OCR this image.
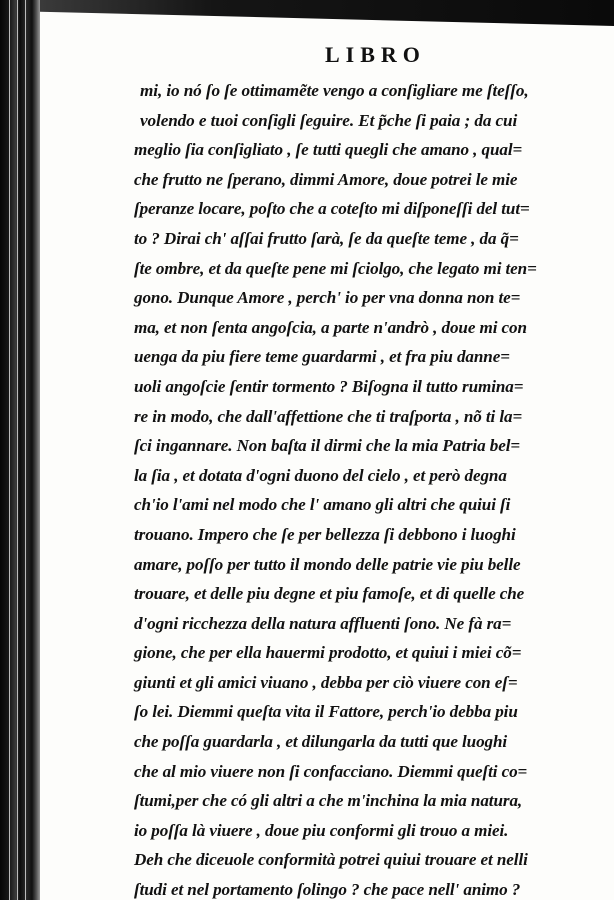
LIBRO
mi, io nó ſo ſe ottimamẽte vengo a conſigliare me ſteſſo,
volendo e tuoi conſigli ſeguire. Et p̃che ſi paia ; da cui
meglio ſia conſigliato , ſe tutti quegli che amano , qual=
che frutto ne ſperano, dimmi Amore, doue potrei le mie
ſperanze locare, poſto che a coteſto mi diſponeſſi del tut=
to ? Dirai ch' aſſai frutto ſarà, ſe da queſte teme , da q̃=
ſte ombre, et da queſte pene mi ſciolgo, che legato mi ten=
gono. Dunque Amore , perch' io per vna donna non te=
ma, et non ſenta angoſcia, a parte n'andrò , doue mi con
uenga da piu fiere teme guardarmi , et fra piu danne=
uoli angoſcie ſentir tormento ? Biſogna il tutto rumina=
re in modo, che dall'affettione che ti traſporta , nõ ti la=
ſci ingannare. Non baſta il dirmi che la mia Patria bel=
la ſia , et dotata d'ogni duono del cielo , et però degna
ch'io l'ami nel modo che l' amano gli altri che quiui ſi
trouano. Impero che ſe per bellezza ſi debbono i luoghi
amare, poſſo per tutto il mondo delle patrie vie piu belle
trouare, et delle piu degne et piu famoſe, et di quelle che
d'ogni ricchezza della natura affluenti ſono. Ne fà ra=
gione, che per ella hauermi prodotto, et quiui i miei cõ=
giunti et gli amici viuano , debba per ciò viuere con eſ=
ſo lei. Diemmi queſta vita il Fattore, perch'io debba piu
che poſſa guardarla , et dilungarla da tutti que luoghi
che al mio viuere non ſi confacciano. Diemmi queſti co=
ſtumi,per che có gli altri a che m'inchina la mia natura,
io poſſa là viuere , doue piu conformi gli trouo a miei.
Deh che diceuole conformità potrei quiui trouare et nelli
ſtudi et nel portamento ſolingo ? che pace nell' animo ?
